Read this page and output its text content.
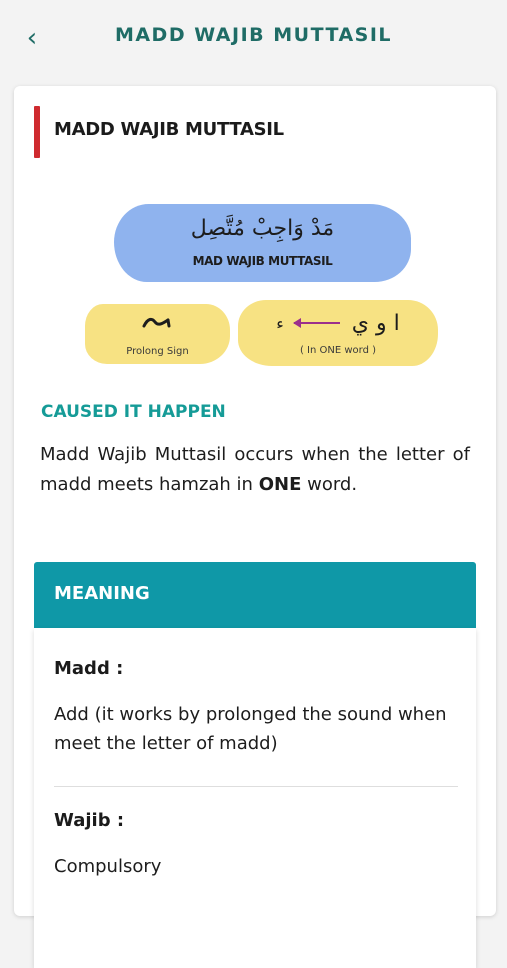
‹	MADD WAJIB MUTTASIL
MADD WAJIB MUTTASIL
مَدْ وَاجِبْ مُتَّصِل
MAD WAJIB MUTTASIL
Prolong Sign
ء	ا و ي
( In ONE word )
CAUSED IT HAPPEN
Madd Wajib Muttasil occurs when the letter of madd meets hamzah in ONE word.
MEANING
Madd :
Add (it works by prolonged the sound when meet the letter of madd)
Wajib :
Compulsory
